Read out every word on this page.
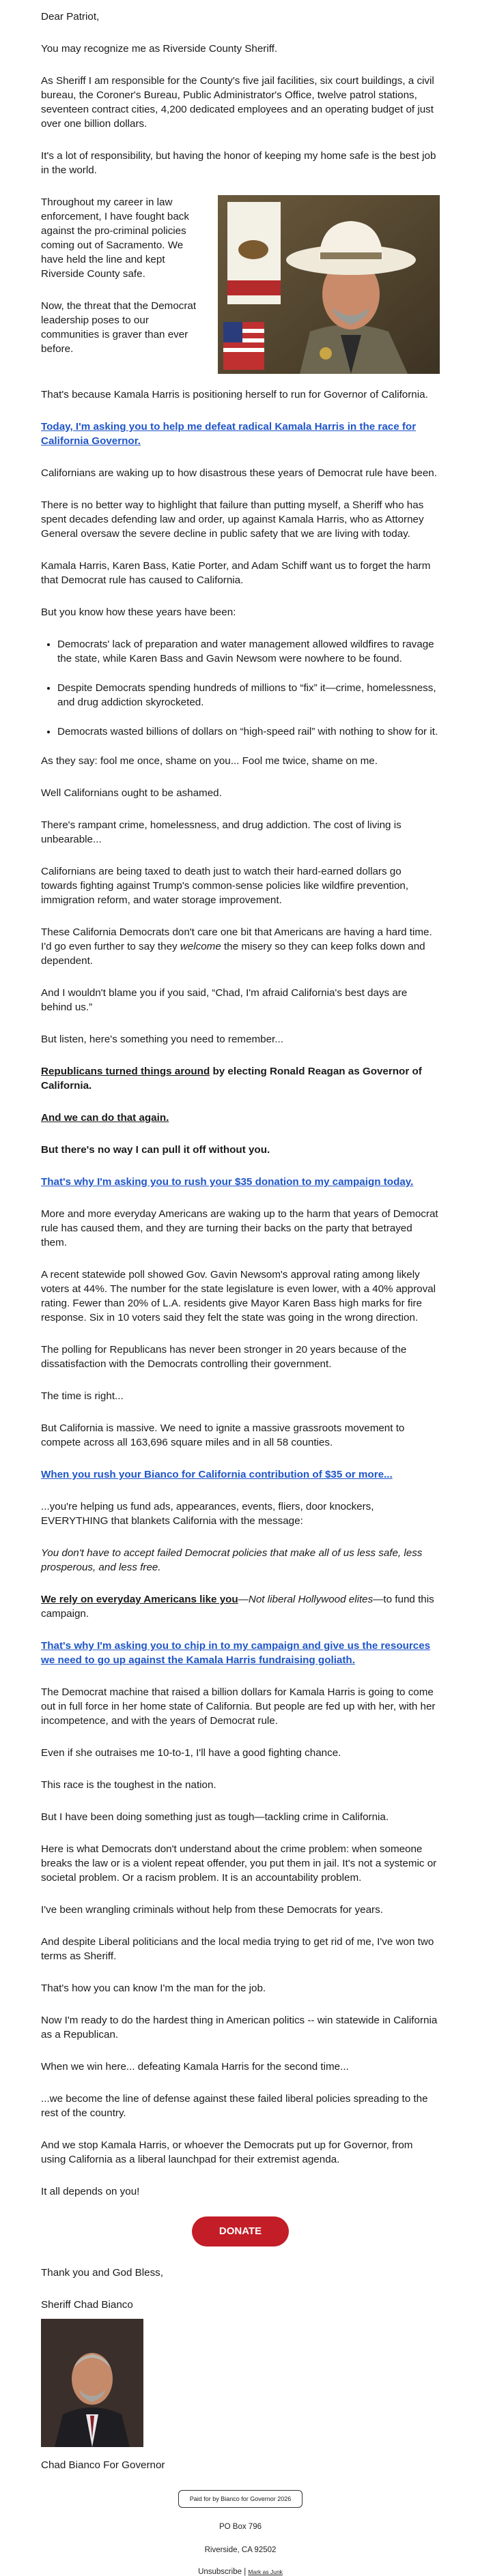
Dear Patriot,

You may recognize me as Riverside County Sheriff.

As Sheriff I am responsible for the County's five jail facilities, six court buildings, a civil bureau, the Coroner's Bureau, Public Administrator's Office, twelve patrol stations, seventeen contract cities, 4,200 dedicated employees and an operating budget of just over one billion dollars.

It's a lot of responsibility, but having the honor of keeping my home safe is the best job in the world.

Throughout my career in law enforcement, I have fought back against the pro-criminal policies coming out of Sacramento. We have held the line and kept Riverside County safe.

Now, the threat that the Democrat leadership poses to our communities is graver than ever before.

That's because Kamala Harris is positioning herself to run for Governor of California.

Today, I'm asking you to help me defeat radical Kamala Harris in the race for California Governor.

Californians are waking up to how disastrous these years of Democrat rule have been.

There is no better way to highlight that failure than putting myself, a Sheriff who has spent decades defending law and order, up against Kamala Harris, who as Attorney General oversaw the severe decline in public safety that we are living with today.

Kamala Harris, Karen Bass, Katie Porter, and Adam Schiff want us to forget the harm that Democrat rule has caused to California.

But you know how these years have been:

• Democrats' lack of preparation and water management allowed wildfires to ravage the state, while Karen Bass and Gavin Newsom were nowhere to be found.
• Despite Democrats spending hundreds of millions to “fix” it—crime, homelessness, and drug addiction skyrocketed.
• Democrats wasted billions of dollars on “high-speed rail” with nothing to show for it.

As they say: fool me once, shame on you... Fool me twice, shame on me.

Well Californians ought to be ashamed.

There's rampant crime, homelessness, and drug addiction. The cost of living is unbearable...

Californians are being taxed to death just to watch their hard-earned dollars go towards fighting against Trump's common-sense policies like wildfire prevention, immigration reform, and water storage improvement.

These California Democrats don't care one bit that Americans are having a hard time. I'd go even further to say they welcome the misery so they can keep folks down and dependent.

And I wouldn't blame you if you said, “Chad, I'm afraid California's best days are behind us.”

But listen, here's something you need to remember...

Republicans turned things around by electing Ronald Reagan as Governor of California.

And we can do that again.

But there's no way I can pull it off without you.

That's why I'm asking you to rush your $35 donation to my campaign today.

More and more everyday Americans are waking up to the harm that years of Democrat rule has caused them, and they are turning their backs on the party that betrayed them.

A recent statewide poll showed Gov. Gavin Newsom's approval rating among likely voters at 44%. The number for the state legislature is even lower, with a 40% approval rating. Fewer than 20% of L.A. residents give Mayor Karen Bass high marks for fire response. Six in 10 voters said they felt the state was going in the wrong direction.

The polling for Republicans has never been stronger in 20 years because of the dissatisfaction with the Democrats controlling their government.

The time is right...

But California is massive. We need to ignite a massive grassroots movement to compete across all 163,696 square miles and in all 58 counties.

When you rush your Bianco for California contribution of $35 or more...

...you're helping us fund ads, appearances, events, fliers, door knockers, EVERYTHING that blankets California with the message:

You don't have to accept failed Democrat policies that make all of us less safe, less prosperous, and less free.

We rely on everyday Americans like you—Not liberal Hollywood elites—to fund this campaign.

That's why I'm asking you to chip in to my campaign and give us the resources we need to go up against the Kamala Harris fundraising goliath.

The Democrat machine that raised a billion dollars for Kamala Harris is going to come out in full force in her home state of California. But people are fed up with her, with her incompetence, and with the years of Democrat rule.

Even if she outraises me 10-to-1, I'll have a good fighting chance.

This race is the toughest in the nation.

But I have been doing something just as tough—tackling crime in California.

Here is what Democrats don't understand about the crime problem: when someone breaks the law or is a violent repeat offender, you put them in jail. It's not a systemic or societal problem. Or a racism problem. It is an accountability problem.

I've been wrangling criminals without help from these Democrats for years.

And despite Liberal politicians and the local media trying to get rid of me, I've won two terms as Sheriff.

That's how you can know I'm the man for the job.

Now I'm ready to do the hardest thing in American politics -- win statewide in California as a Republican.

When we win here... defeating Kamala Harris for the second time...

...we become the line of defense against these failed liberal policies spreading to the rest of the country.

And we stop Kamala Harris, or whoever the Democrats put up for Governor, from using California as a liberal launchpad for their extremist agenda.

It all depends on you!

DONATE

Thank you and God Bless,

Sheriff Chad Bianco

Chad Bianco For Governor

Paid for by Bianco for Governor 2026
PO Box 796
Riverside, CA 92502
Unsubscribe | Mark as Junk
